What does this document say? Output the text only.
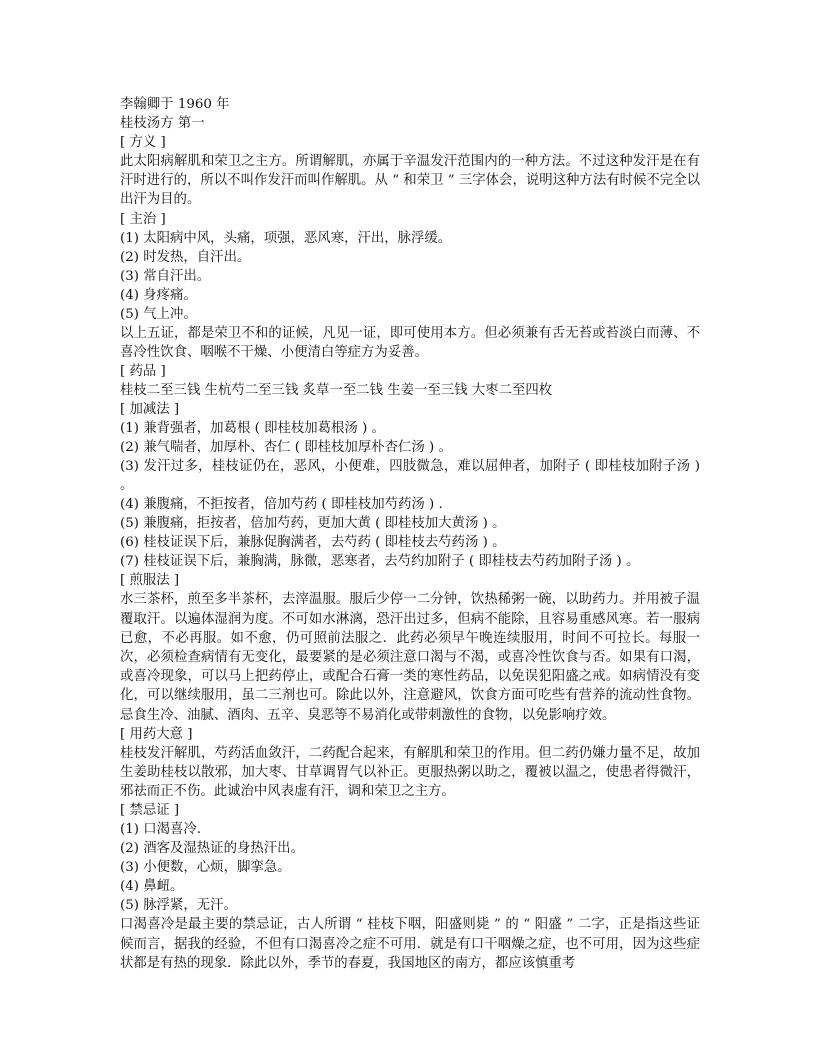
李翰卿于 1960 年

桂枝汤方 第一

[ 方义 ]

此太阳病解肌和荣卫之主方。所谓解肌，亦属于辛温发汗范围内的一种方法。不过这种发汗是在有汗时进行的，所以不叫作发汗而叫作解肌。从 “ 和荣卫 ” 三字体会，说明这种方法有时候不完全以出汗为目的。

[ 主治 ]

(1) 太阳病中风，头痛，项强，恶风寒，汗出，脉浮缓。

(2) 时发热，自汗出。

(3) 常自汗出。

(4) 身疼痛。

(5) 气上冲。

以上五证，都是荣卫不和的证候，凡见一证，即可使用本方。但必须兼有舌无苔或苔淡白而薄、不喜冷性饮食、咽喉不干燥、小便清白等症方为妥善。

[ 药品 ]

桂枝二至三钱 生杭芍二至三钱 炙草一至二钱 生姜一至三钱 大枣二至四枚

[ 加减法 ]

(1) 兼背强者，加葛根 ( 即桂枝加葛根汤 ) 。

(2) 兼气喘者，加厚朴、杏仁 ( 即桂枝加厚朴杏仁汤 ) 。

(3) 发汗过多，桂枝证仍在，恶风，小便难，四肢微急，难以屈伸者，加附子 ( 即桂枝加附子汤 ) 。

(4) 兼腹痛，不拒按者，倍加芍药 ( 即桂枝加芍药汤 ) .

(5) 兼腹痛，拒按者，倍加芍药，更加大黄 ( 即桂枝加大黄汤 ) 。

(6) 桂枝证误下后，兼脉促胸满者，去芍药 ( 即桂枝去芍药汤 ) 。

(7) 桂枝证误下后，兼胸满，脉微，恶寒者，去芍约加附子 ( 即桂枝去芍药加附子汤 ) 。

[ 煎服法 ]

水三茶杯，煎至多半茶杯，去滓温服。服后少停一二分钟，饮热稀粥一碗，以助药力。并用被子温覆取汗。以遍体湿润为度。不可如水淋漓，恐汗出过多，但病不能除，且容易重感风寒。若一服病已愈，不必再服。如不愈，仍可照前法服之．此药必须早午晚连续服用，时间不可拉长。每服一次，必须检查病情有无变化，最要紧的是必须注意口渴与不渴，或喜冷性饮食与否。如果有口渴，或喜冷现象，可以马上把药停止，或配合石膏一类的寒性药品，以免误犯阳盛之戒。如病情没有变化，可以继续服用，虽二三剂也可。除此以外，注意避风，饮食方面可吃些有营养的流动性食物。忌食生冷、油腻、酒肉、五辛、臭恶等不易消化或带刺激性的食物，以免影响疗效。

[ 用药大意 ]

桂枝发汗解肌，芍药活血敛汗，二药配合起来，有解肌和荣卫的作用。但二药仍嫌力量不足，故加生姜助桂枝以散邪，加大枣、甘草调胃气以补正。更服热粥以助之，覆被以温之，使患者得微汗，邪祛而正不伤。此诚治中风表虚有汗，调和荣卫之主方。

[ 禁忌证 ]

(1) 口渴喜冷.

(2) 酒客及湿热证的身热汗出。

(3) 小便数，心烦，脚挛急。

(4) 鼻衄。

(5) 脉浮紧，无汗。

口渴喜冷是最主要的禁忌证，古人所谓 “ 桂枝下咽，阳盛则毙 ” 的 “ 阳盛 ” 二字，正是指这些证候而言，据我的经验，不但有口渴喜冷之症不可用．就是有口干咽燥之症，也不可用，因为这些症状都是有热的现象．除此以外，季节的春夏，我国地区的南方，都应该慎重考
